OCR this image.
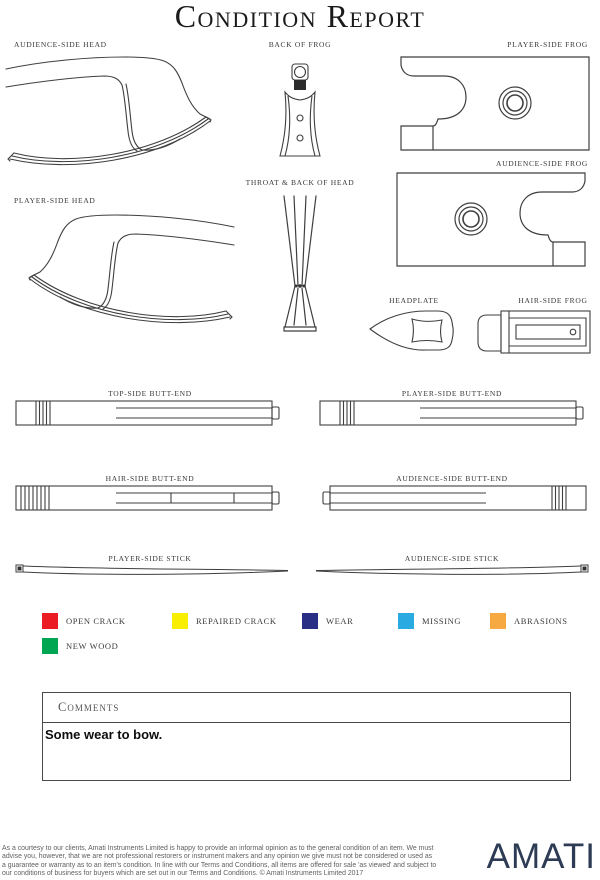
Condition Report
AUDIENCE-SIDE HEAD	BACK OF FROG	PLAYER-SIDE FROG
AUDIENCE-SIDE FROG
PLAYER-SIDE HEAD
THROAT & BACK OF HEAD
HEADPLATE	HAIR-SIDE FROG
TOP-SIDE BUTT-END	PLAYER-SIDE BUTT-END
HAIR-SIDE BUTT-END	AUDIENCE-SIDE BUTT-END
PLAYER-SIDE STICK	AUDIENCE-SIDE STICK
OPEN CRACK	REPAIRED CRACK	WEAR	MISSING	ABRASIONS
NEW WOOD
Comments
Some wear to bow.
As a courtesy to our clients, Amati Instruments Limited is happy to provide an informal opinion as to the general condition of an item. We must
advise you, however, that we are not professional restorers or instrument makers and any opinion we give must not be considered or used as
a guarantee or warranty as to an item's condition. In line with our Terms and Conditions, all items are offered for sale 'as viewed' and subject to
our conditions of business for buyers which are set out in our Terms and Conditions. © Amati Instruments Limited 2017	AMATI
